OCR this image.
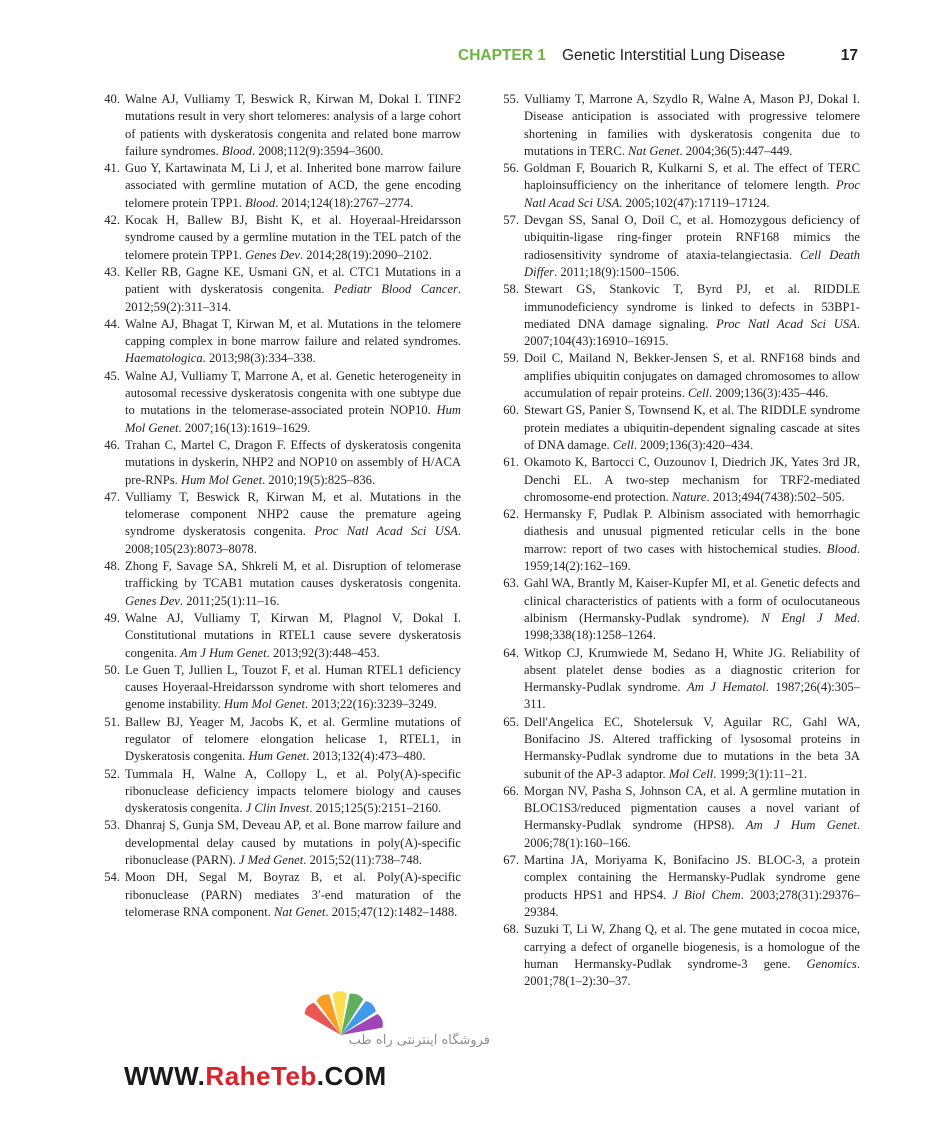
CHAPTER 1 Genetic Interstitial Lung Disease	17
40. Walne AJ, Vulliamy T, Beswick R, Kirwan M, Dokal I. TINF2 mutations result in very short telomeres: analysis of a large cohort of patients with dyskeratosis congenita and related bone marrow failure syndromes. Blood. 2008;112(9):3594–3600.
41. Guo Y, Kartawinata M, Li J, et al. Inherited bone marrow failure associated with germline mutation of ACD, the gene encoding telomere protein TPP1. Blood. 2014;124(18):2767–2774.
42. Kocak H, Ballew BJ, Bisht K, et al. Hoyeraal-Hreidarsson syndrome caused by a germline mutation in the TEL patch of the telomere protein TPP1. Genes Dev. 2014;28(19):2090–2102.
43. Keller RB, Gagne KE, Usmani GN, et al. CTC1 Mutations in a patient with dyskeratosis congenita. Pediatr Blood Cancer. 2012;59(2):311–314.
44. Walne AJ, Bhagat T, Kirwan M, et al. Mutations in the telomere capping complex in bone marrow failure and related syndromes. Haematologica. 2013;98(3):334–338.
45. Walne AJ, Vulliamy T, Marrone A, et al. Genetic heterogeneity in autosomal recessive dyskeratosis congenita with one subtype due to mutations in the telomerase-associated protein NOP10. Hum Mol Genet. 2007;16(13):1619–1629.
46. Trahan C, Martel C, Dragon F. Effects of dyskeratosis congenita mutations in dyskerin, NHP2 and NOP10 on assembly of H/ACA pre-RNPs. Hum Mol Genet. 2010;19(5):825–836.
47. Vulliamy T, Beswick R, Kirwan M, et al. Mutations in the telomerase component NHP2 cause the premature ageing syndrome dyskeratosis congenita. Proc Natl Acad Sci USA. 2008;105(23):8073–8078.
48. Zhong F, Savage SA, Shkreli M, et al. Disruption of telomerase trafficking by TCAB1 mutation causes dyskeratosis congenita. Genes Dev. 2011;25(1):11–16.
49. Walne AJ, Vulliamy T, Kirwan M, Plagnol V, Dokal I. Constitutional mutations in RTEL1 cause severe dyskeratosis congenita. Am J Hum Genet. 2013;92(3):448–453.
50. Le Guen T, Jullien L, Touzot F, et al. Human RTEL1 deficiency causes Hoyeraal-Hreidarsson syndrome with short telomeres and genome instability. Hum Mol Genet. 2013;22(16):3239–3249.
51. Ballew BJ, Yeager M, Jacobs K, et al. Germline mutations of regulator of telomere elongation helicase 1, RTEL1, in Dyskeratosis congenita. Hum Genet. 2013;132(4):473–480.
52. Tummala H, Walne A, Collopy L, et al. Poly(A)-specific ribonuclease deficiency impacts telomere biology and causes dyskeratosis congenita. J Clin Invest. 2015;125(5):2151–2160.
53. Dhanraj S, Gunja SM, Deveau AP, et al. Bone marrow failure and developmental delay caused by mutations in poly(A)-specific ribonuclease (PARN). J Med Genet. 2015;52(11):738–748.
54. Moon DH, Segal M, Boyraz B, et al. Poly(A)-specific ribonuclease (PARN) mediates 3′-end maturation of the telomerase RNA component. Nat Genet. 2015;47(12):1482–1488.
55. Vulliamy T, Marrone A, Szydlo R, Walne A, Mason PJ, Dokal I. Disease anticipation is associated with progressive telomere shortening in families with dyskeratosis congenita due to mutations in TERC. Nat Genet. 2004;36(5):447–449.
56. Goldman F, Bouarich R, Kulkarni S, et al. The effect of TERC haploinsufficiency on the inheritance of telomere length. Proc Natl Acad Sci USA. 2005;102(47):17119–17124.
57. Devgan SS, Sanal O, Doil C, et al. Homozygous deficiency of ubiquitin-ligase ring-finger protein RNF168 mimics the radiosensitivity syndrome of ataxia-telangiectasia. Cell Death Differ. 2011;18(9):1500–1506.
58. Stewart GS, Stankovic T, Byrd PJ, et al. RIDDLE immunodeficiency syndrome is linked to defects in 53BP1-mediated DNA damage signaling. Proc Natl Acad Sci USA. 2007;104(43):16910–16915.
59. Doil C, Mailand N, Bekker-Jensen S, et al. RNF168 binds and amplifies ubiquitin conjugates on damaged chromosomes to allow accumulation of repair proteins. Cell. 2009;136(3):435–446.
60. Stewart GS, Panier S, Townsend K, et al. The RIDDLE syndrome protein mediates a ubiquitin-dependent signaling cascade at sites of DNA damage. Cell. 2009;136(3):420–434.
61. Okamoto K, Bartocci C, Ouzounov I, Diedrich JK, Yates 3rd JR, Denchi EL. A two-step mechanism for TRF2-mediated chromosome-end protection. Nature. 2013;494(7438):502–505.
62. Hermansky F, Pudlak P. Albinism associated with hemorrhagic diathesis and unusual pigmented reticular cells in the bone marrow: report of two cases with histochemical studies. Blood. 1959;14(2):162–169.
63. Gahl WA, Brantly M, Kaiser-Kupfer MI, et al. Genetic defects and clinical characteristics of patients with a form of oculocutaneous albinism (Hermansky-Pudlak syndrome). N Engl J Med. 1998;338(18):1258–1264.
64. Witkop CJ, Krumwiede M, Sedano H, White JG. Reliability of absent platelet dense bodies as a diagnostic criterion for Hermansky-Pudlak syndrome. Am J Hematol. 1987;26(4):305–311.
65. Dell'Angelica EC, Shotelersuk V, Aguilar RC, Gahl WA, Bonifacino JS. Altered trafficking of lysosomal proteins in Hermansky-Pudlak syndrome due to mutations in the beta 3A subunit of the AP-3 adaptor. Mol Cell. 1999;3(1):11–21.
66. Morgan NV, Pasha S, Johnson CA, et al. A germline mutation in BLOC1S3/reduced pigmentation causes a novel variant of Hermansky-Pudlak syndrome (HPS8). Am J Hum Genet. 2006;78(1):160–166.
67. Martina JA, Moriyama K, Bonifacino JS. BLOC-3, a protein complex containing the Hermansky-Pudlak syndrome gene products HPS1 and HPS4. J Biol Chem. 2003;278(31):29376–29384.
68. Suzuki T, Li W, Zhang Q, et al. The gene mutated in cocoa mice, carrying a defect of organelle biogenesis, is a homologue of the human Hermansky-Pudlak syndrome-3 gene. Genomics. 2001;78(1–2):30–37.
فروشگاه اینترنتی راه طب
WWW.RaheTeb.COM
